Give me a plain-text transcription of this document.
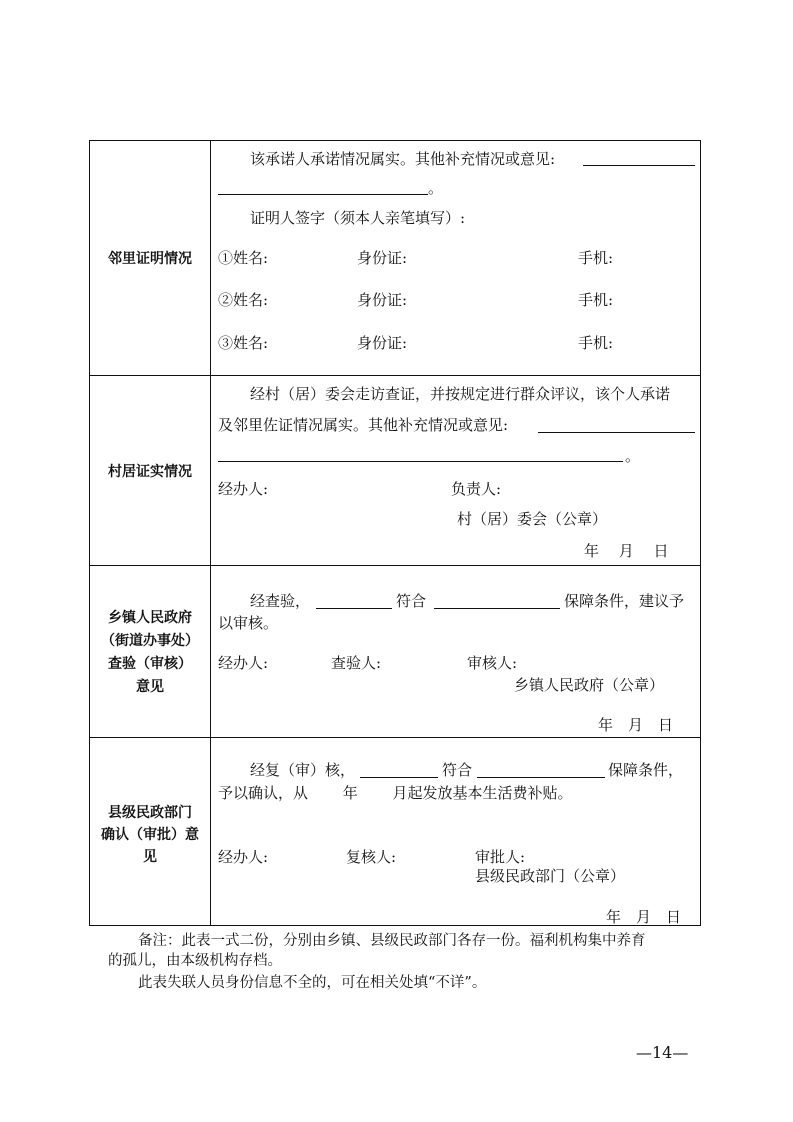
邻里证明情况
该承诺人承诺情况属实。其他补充情况或意见:
。
证明人签字（须本人亲笔填写）:
①姓名:	身份证:	手机:
②姓名:	身份证:	手机:
③姓名:	身份证:	手机:
村居证实情况
经村（居）委会走访查证，并按规定进行群众评议，该个人承诺
及邻里佐证情况属实。其他补充情况或意见:
。
经办人:	负责人:
村（居）委会（公章）
年　 月　 日
乡镇人民政府
（街道办事处）
查验（审核）
意见
经查验，	符合	保障条件，建议予
以审核。
经办人:	查验人:	审核人:
乡镇人民政府（公章）
年　月　日
县级民政部门
确认（审批）意
见
经复（审）核，	符合	保障条件，
予以确认，从　　 年　　 月起发放基本生活费补贴。
经办人:	复核人:	审批人:
县级民政部门（公章）
年　月　日
备注：此表一式二份，分别由乡镇、县级民政部门各存一份。福利机构集中养育
的孤儿，由本级机构存档。
此表失联人员身份信息不全的，可在相关处填“不详”。
—14—
